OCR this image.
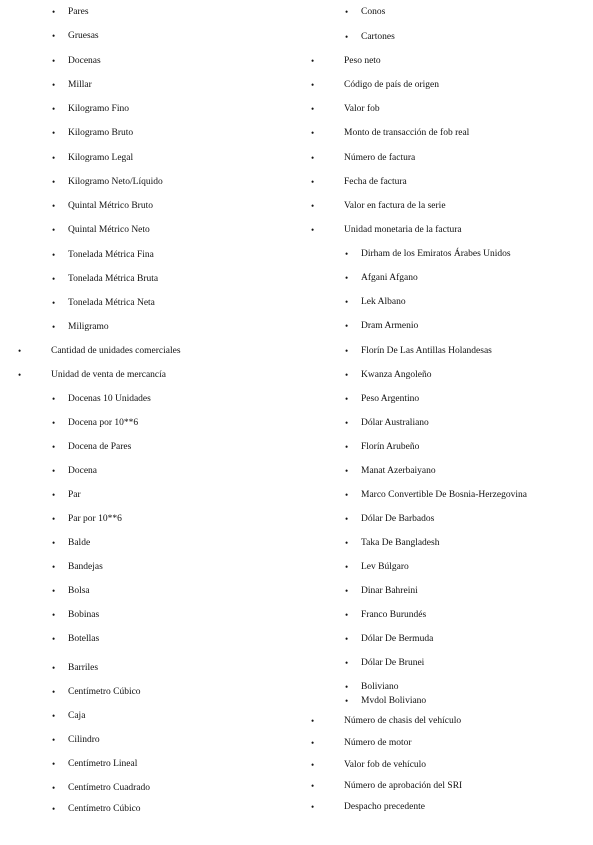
• Pares
• Gruesas
• Docenas
• Millar
• Kilogramo Fino
• Kilogramo Bruto
• Kilogramo Legal
• Kilogramo Neto/Líquido
• Quintal Métrico Bruto
• Quintal Métrico Neto
• Tonelada Métrica Fina
• Tonelada Métrica Bruta
• Tonelada Métrica Neta
• Miligramo
•	Cantidad de unidades comerciales
•	Unidad de venta de mercancía
• Docenas 10 Unidades
• Docena por 10**6
• Docena de Pares
• Docena
• Par
• Par por 10**6
• Balde
• Bandejas
• Bolsa
• Bobinas
• Botellas
• Barriles
• Centímetro Cúbico
• Caja
• Cilindro
• Centímetro Lineal
• Centímetro Cuadrado
• Centímetro Cúbico
• Conos
• Cartones
•	Peso neto
•	Código de país de origen
•	Valor fob
•	Monto de transacción de fob real
•	Número de factura
•	Fecha de factura
•	Valor en factura de la serie
•	Unidad monetaria de la factura
• Dirham de los Emiratos Árabes Unidos
• Afgani Afgano
• Lek Albano
• Dram Armenio
• Florín De Las Antillas Holandesas
• Kwanza Angoleño
• Peso Argentino
• Dólar Australiano
• Florín Arubeño
• Manat Azerbaiyano
• Marco Convertible De Bosnia-Herzegovina
• Dólar De Barbados
• Taka De Bangladesh
• Lev Búlgaro
• Dinar Bahreini
• Franco Burundés
• Dólar De Bermuda
• Dólar De Brunei
• Boliviano
• Mvdol Boliviano
•	Número de chasis del vehículo
•	Número de motor
•	Valor fob de vehículo
•	Número de aprobación del SRI
•	Despacho precedente
